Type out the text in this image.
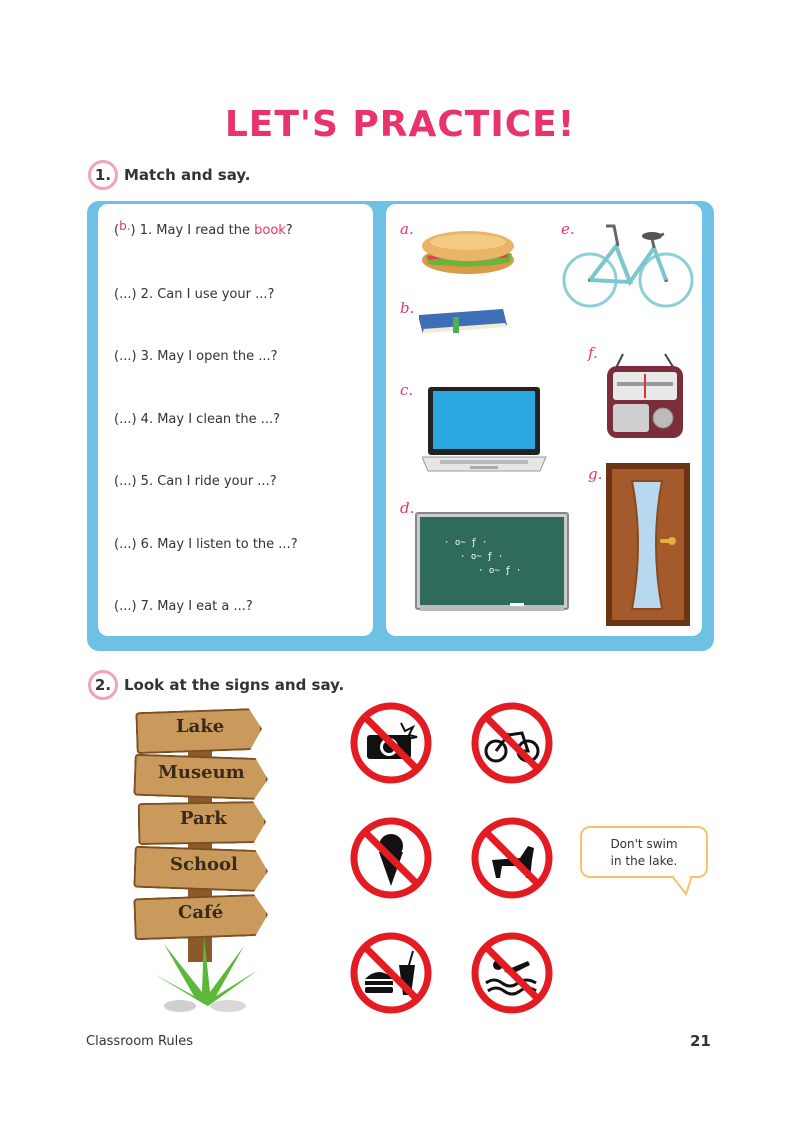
LET'S PRACTICE!
1. Match and say.
(b.) 1. May I read the book?
(...) 2. Can I use your ...?
(...) 3. May I open the ...?
(...) 4. May I clean the ...?
(...) 5. Can I ride your ...?
(...) 6. May I listen to the ...?
(...) 7. May I eat a ...?
a.
b.
c.
d.
e.
f.
g.
· o~ ƒ ·
· o~ ƒ ·
· o~ ƒ ·
2. Look at the signs and say.
Lake
Museum
Park
School
Café
Don't swim
in the lake.
Classroom Rules	21
